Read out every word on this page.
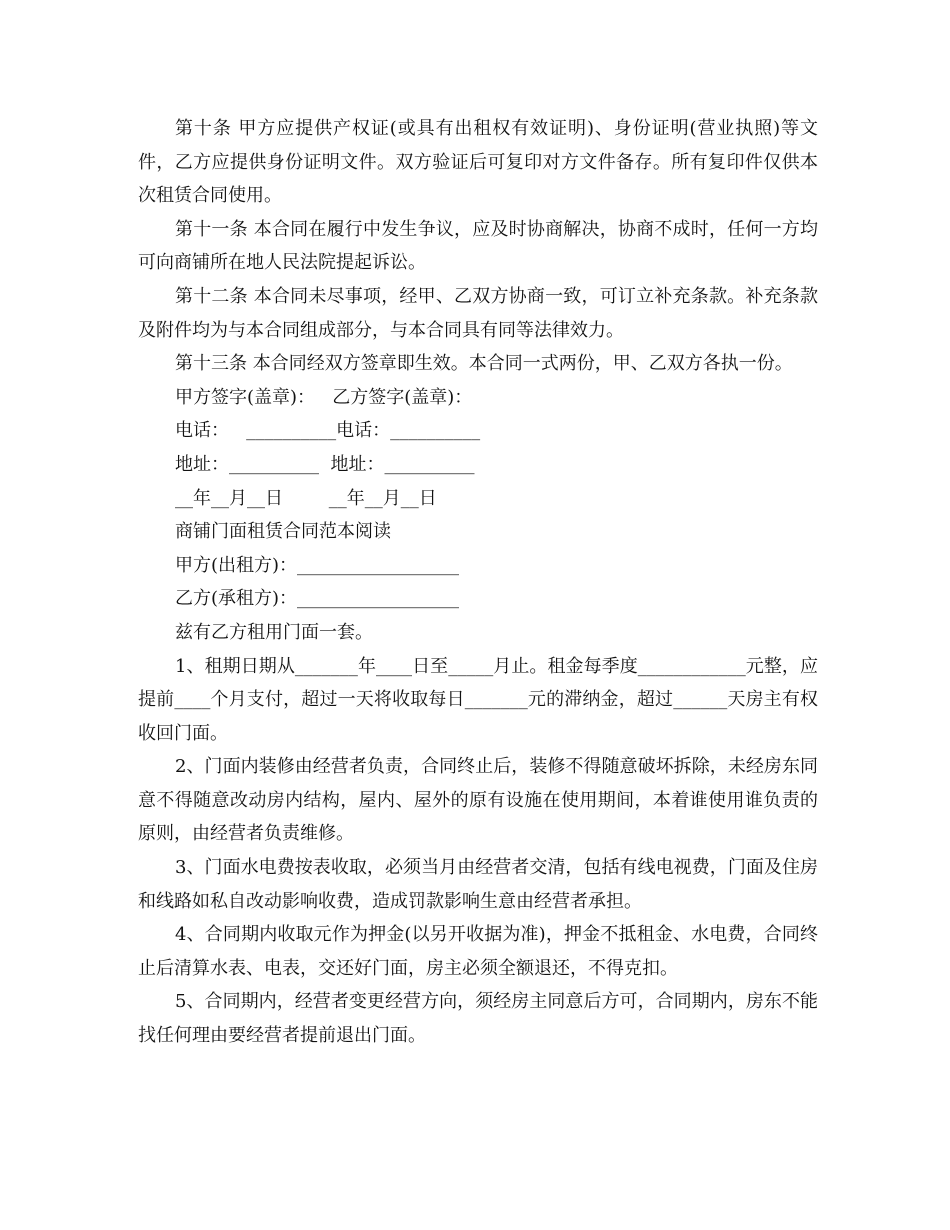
第十条 甲方应提供产权证(或具有出租权有效证明)、身份证明(营业执照)等文件，乙方应提供身份证明文件。双方验证后可复印对方文件备存。所有复印件仅供本次租赁合同使用。

第十一条 本合同在履行中发生争议，应及时协商解决，协商不成时，任何一方均可向商铺所在地人民法院提起诉讼。

第十二条 本合同未尽事项，经甲、乙双方协商一致，可订立补充条款。补充条款及附件均为与本合同组成部分，与本合同具有同等法律效力。

第十三条 本合同经双方签章即生效。本合同一式两份，甲、乙双方各执一份。

甲方签字(盖章)：   乙方签字(盖章)：

电话：   __________电话：__________

地址：__________  地址：__________

__年__月__日        __年__月__日

商铺门面租赁合同范本阅读

甲方(出租方)：__________________

乙方(承租方)：__________________

兹有乙方租用门面一套。

1、租期日期从_______年____日至_____月止。租金每季度____________元整，应提前____个月支付，超过一天将收取每日_______元的滞纳金，超过______天房主有权收回门面。

2、门面内装修由经营者负责，合同终止后，装修不得随意破坏拆除，未经房东同意不得随意改动房内结构，屋内、屋外的原有设施在使用期间，本着谁使用谁负责的原则，由经营者负责维修。

3、门面水电费按表收取，必须当月由经营者交清，包括有线电视费，门面及住房和线路如私自改动影响收费，造成罚款影响生意由经营者承担。

4、合同期内收取元作为押金(以另开收据为准)，押金不抵租金、水电费，合同终止后清算水表、电表，交还好门面，房主必须全额退还，不得克扣。

5、合同期内，经营者变更经营方向，须经房主同意后方可，合同期内，房东不能找任何理由要经营者提前退出门面。
